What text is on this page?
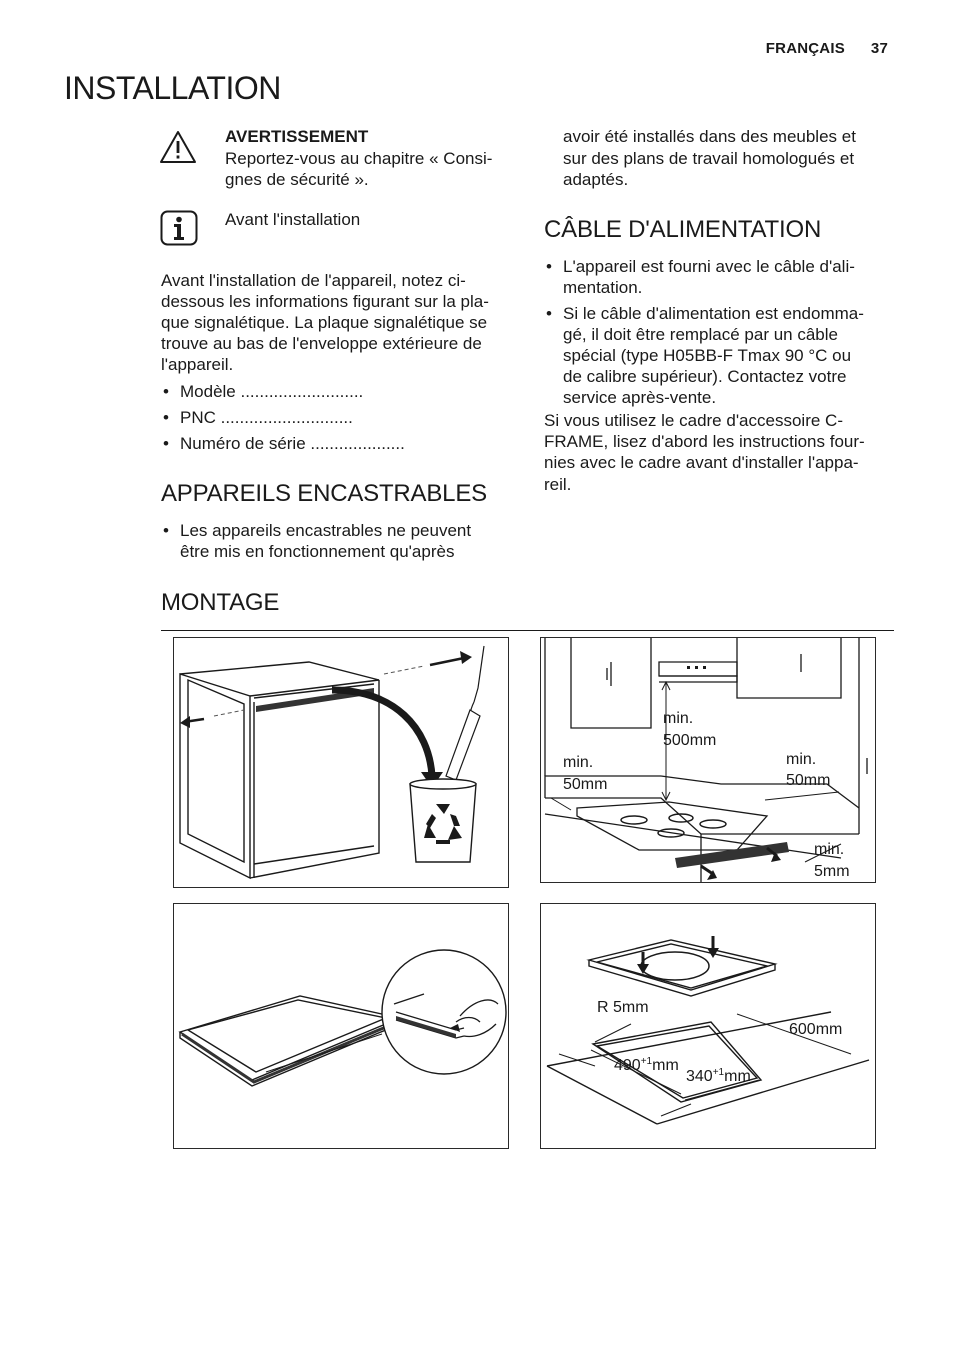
FRANÇAIS 37
INSTALLATION
AVERTISSEMENT
Reportez-vous au chapitre « Consi-
gnes de sécurité ».
Avant l'installation
Avant l'installation de l'appareil, notez ci-
dessous les informations figurant sur la pla-
que signalétique. La plaque signalétique se
trouve au bas de l'enveloppe extérieure de
l'appareil.
• Modèle ..........................
• PNC ............................
• Numéro de série ....................
APPAREILS ENCASTRABLES
• Les appareils encastrables ne peuvent
être mis en fonctionnement qu'après
avoir été installés dans des meubles et
sur des plans de travail homologués et
adaptés.
CÂBLE D'ALIMENTATION
• L'appareil est fourni avec le câble d'ali-
mentation.
• Si le câble d'alimentation est endomma-
gé, il doit être remplacé par un câble
spécial (type H05BB-F Tmax 90 °C ou
de calibre supérieur). Contactez votre
service après-vente.
Si vous utilisez le cadre d'accessoire C-
FRAME, lisez d'abord les instructions four-
nies avec le cadre avant d'installer l'appa-
reil.
MONTAGE
min.
500mm
min.
50mm
min.
50mm
min.
5mm
R 5mm
600mm
$490^{+1}mm$
$340^{+1}mm$
